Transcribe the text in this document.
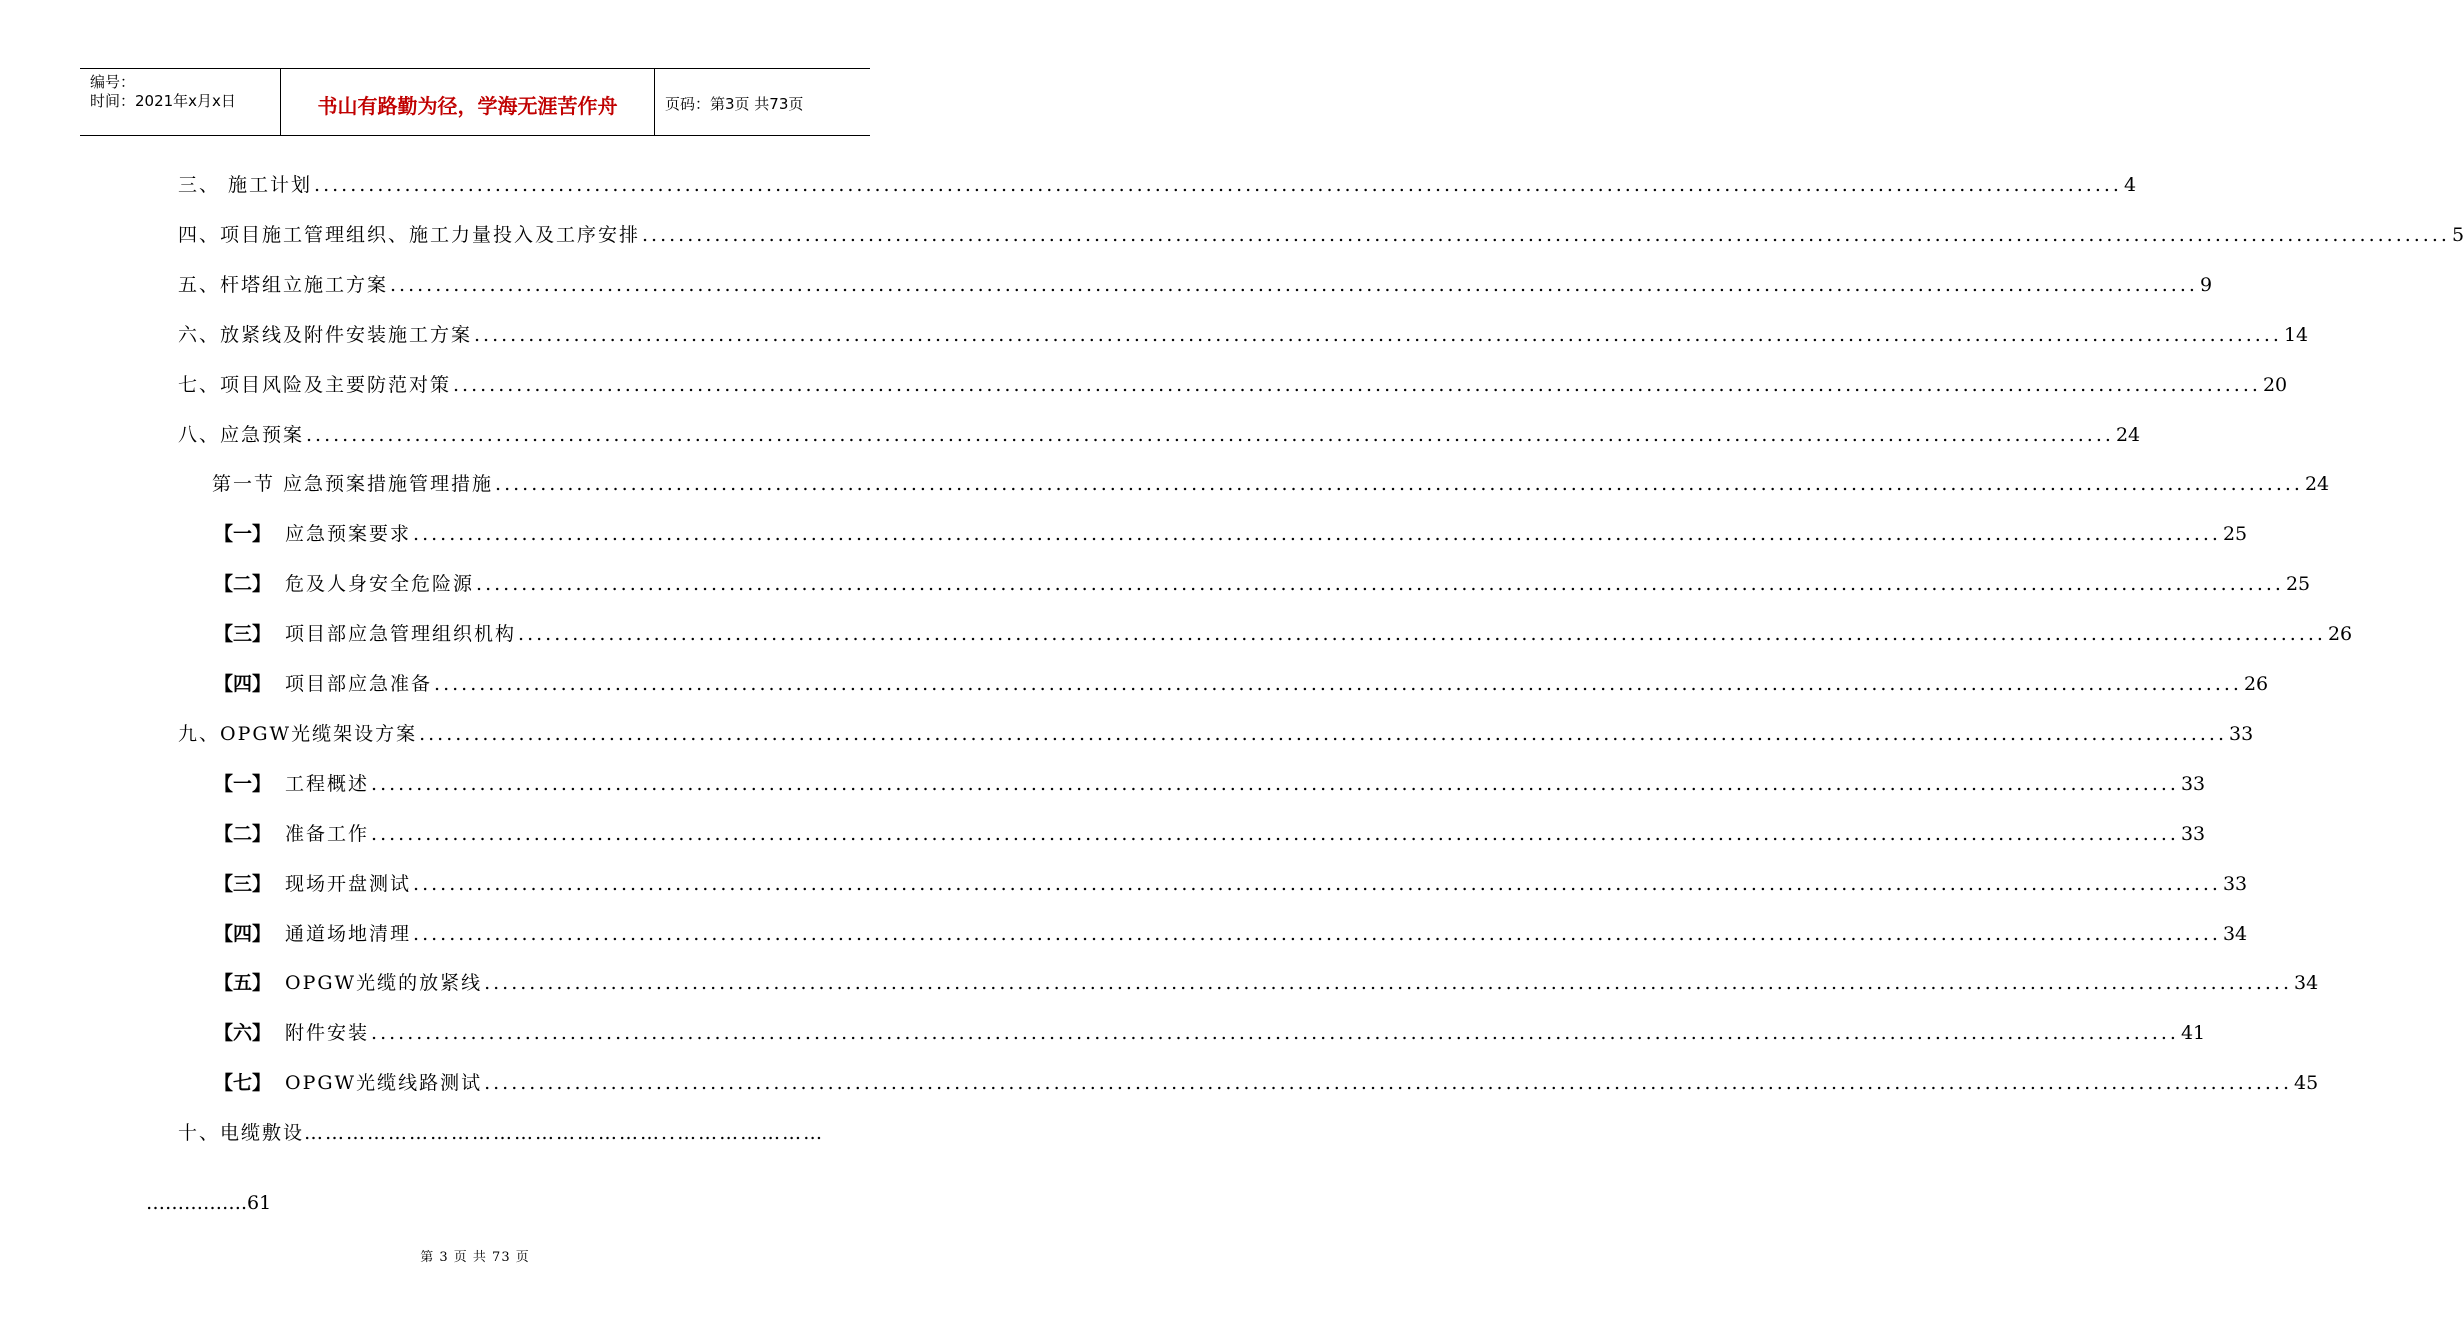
编号：
时间：2021年x月x日	书山有路勤为径，学海无涯苦作舟	页码：第3页 共73页
三、 施工计划 ........................................................................................................................................................................................................ 4
四、项目施工管理组织、施工力量投入及工序安排 ........................................................................................................................................................................................................ 5
五、杆塔组立施工方案 ........................................................................................................................................................................................................ 9
六、放紧线及附件安装施工方案 ........................................................................................................................................................................................................ 14
七、项目风险及主要防范对策 ........................................................................................................................................................................................................ 20
八、应急预案 ........................................................................................................................................................................................................ 24
第一节 应急预案措施管理措施 ........................................................................................................................................................................................................ 24
【一】 应急预案要求 ........................................................................................................................................................................................................ 25
【二】 危及人身安全危险源 ........................................................................................................................................................................................................ 25
【三】 项目部应急管理组织机构 ........................................................................................................................................................................................................ 26
【四】 项目部应急准备 ........................................................................................................................................................................................................ 26
九、OPGW光缆架设方案 ........................................................................................................................................................................................................ 33
【一】 工程概述 ........................................................................................................................................................................................................ 33
【二】 准备工作 ........................................................................................................................................................................................................ 33
【三】 现场开盘测试 ........................................................................................................................................................................................................ 33
【四】 通道场地清理 ........................................................................................................................................................................................................ 34
【五】 OPGW光缆的放紧线 ........................................................................................................................................................................................................ 34
【六】 附件安装 ........................................................................................................................................................................................................ 41
【七】 OPGW光缆线路测试 ........................................................................................................................................................................................................ 45
十、电缆敷设……………………………………………..…………………
…………….61
第 3 页 共 73 页
